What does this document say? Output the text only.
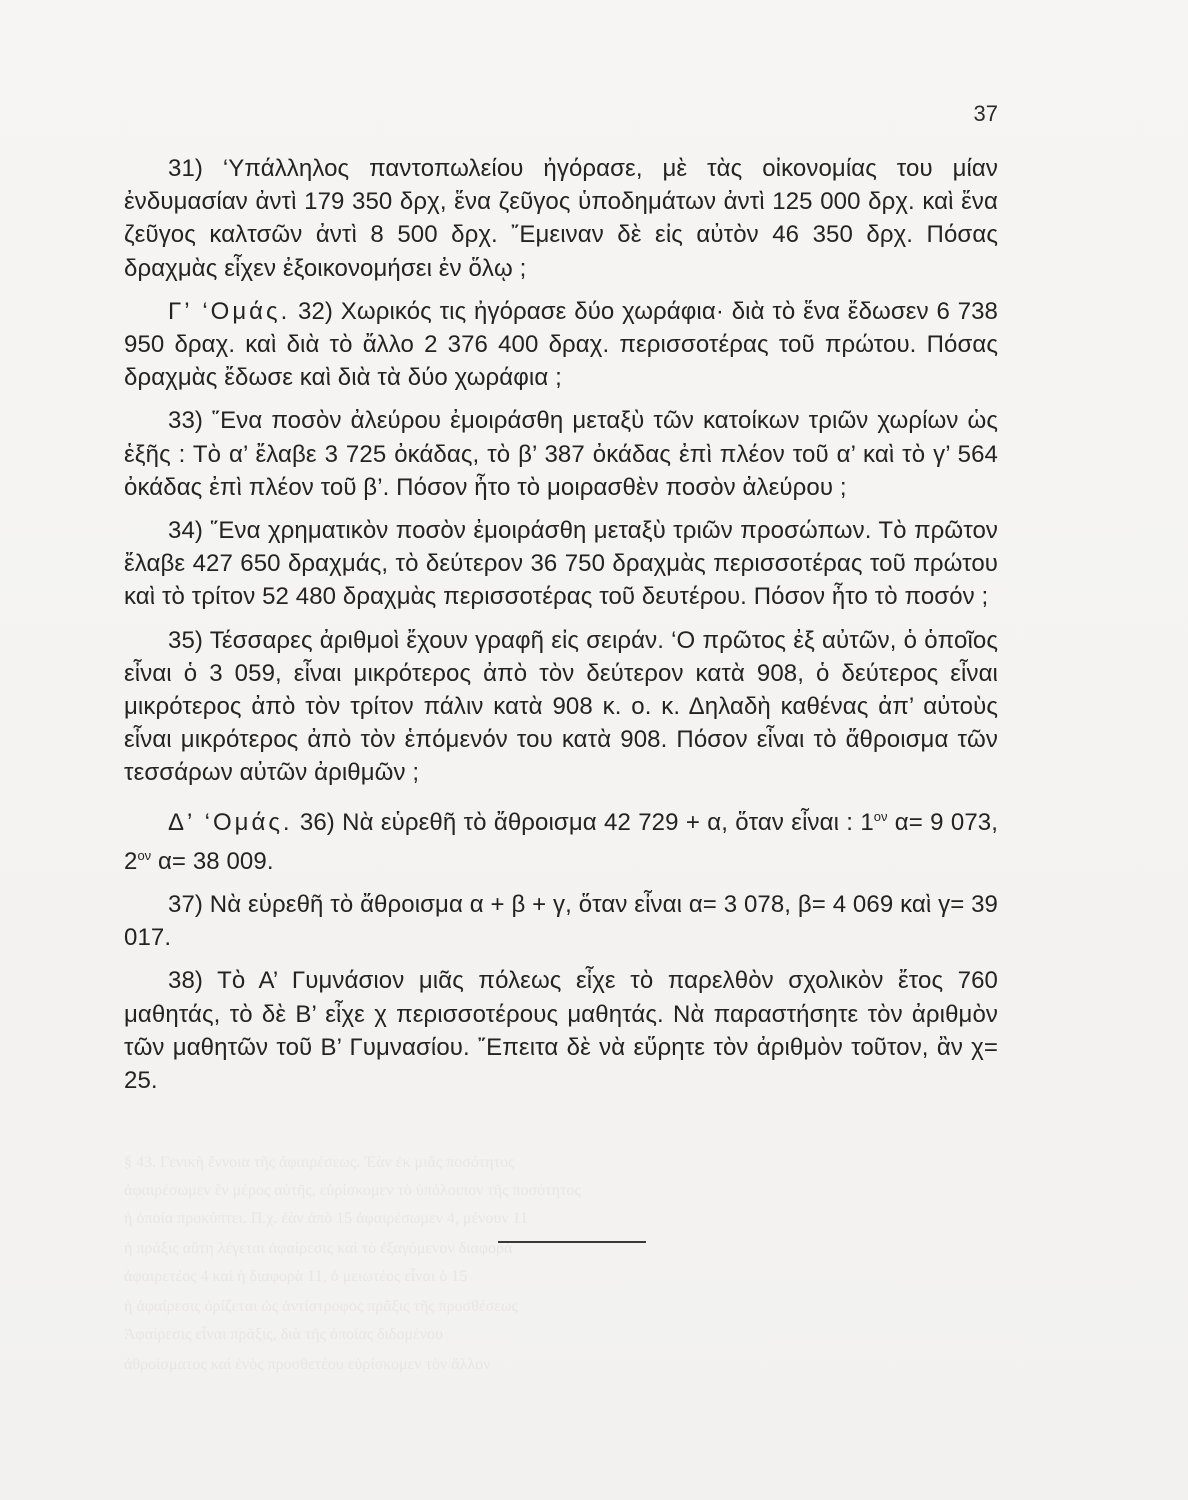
§ 43. Γενικὴ ἔννοια τῆς ἀφαιρέσεως. Ἐὰν ἐκ μιᾶς ποσότητος
ἀφαιρέσωμεν ἕν μέρος αὐτῆς, εὑρίσκομεν τὸ ὑπόλοιπον τῆς ποσότητος
ἡ ὁποία προκύπτει. Π.χ. ἐὰν ἀπὸ 15 ἀφαιρέσωμεν 4, μένουν 11
ἡ πράξις αὕτη λέγεται ἀφαίρεσις καὶ τὸ ἐξαγόμενον διαφορά
ἀφαιρετέος 4 καὶ ἡ διαφορὰ 11, ὁ μειωτέος εἶναι ὁ 15
ἡ ἀφαίρεσις ὁρίζεται ὡς ἀντίστροφος πρᾶξις τῆς προσθέσεως
Ἀφαίρεσις εἶναι πρᾶξις, διὰ τῆς ὁποίας διδομένου
ἀθροίσματος καὶ ἑνὸς προσθετέου εὑρίσκομεν τὸν ἄλλον
37

31) ‘Υπάλληλος παντοπωλείου ἠγόρασε, μὲ τὰς οἰκονομίας του μίαν ἐνδυμασίαν ἀντὶ 179 350 δρχ, ἕνα ζεῦγος ὑποδημάτων ἀντὶ 125 000 δρχ. καὶ ἕνα ζεῦγος καλτσῶν ἀντὶ 8 500 δρχ. ῎Εμειναν δὲ εἰς αὐτὸν 46 350 δρχ. Πόσας δραχμὰς εἶχεν ἐξοικονομήσει ἐν ὅλῳ ;

Γ’ ‘Ομάς. 32) Χωρικός τις ἠγόρασε δύο χωράφια· διὰ τὸ ἕνα ἔδωσεν 6 738 950 δραχ. καὶ διὰ τὸ ἄλλο 2 376 400 δραχ. περισσοτέρας τοῦ πρώτου. Πόσας δραχμὰς ἔδωσε καὶ διὰ τὰ δύο χωράφια ;

33) ῞Ενα ποσὸν ἀλεύρου ἐμοιράσθη μεταξὺ τῶν κατοίκων τριῶν χωρίων ὡς ἑξῆς : Τὸ α’ ἔλαβε 3 725 ὀκάδας, τὸ β’ 387 ὀκάδας ἐπὶ πλέον τοῦ α’ καὶ τὸ γ’ 564 ὀκάδας ἐπὶ πλέον τοῦ β’. Πόσον ἦτο τὸ μοιρασθὲν ποσὸν ἀλεύρου ;

34) ῞Ενα χρηματικὸν ποσὸν ἐμοιράσθη μεταξὺ τριῶν προσώπων. Τὸ πρῶτον ἔλαβε 427 650 δραχμάς, τὸ δεύτερον 36 750 δραχμὰς περισσοτέρας τοῦ πρώτου καὶ τὸ τρίτον 52 480 δραχμὰς περισσοτέρας τοῦ δευτέρου. Πόσον ἦτο τὸ ποσόν ;

35) Τέσσαρες ἀριθμοὶ ἔχουν γραφῆ εἰς σειράν. ‘Ο πρῶτος ἐξ αὐτῶν, ὁ ὁποῖος εἶναι ὁ 3 059, εἶναι μικρότερος ἀπὸ τὸν δεύτερον κατὰ 908, ὁ δεύτερος εἶναι μικρότερος ἀπὸ τὸν τρίτον πάλιν κατὰ 908 κ. ο. κ. Δηλαδὴ καθένας ἀπ’ αὐτοὺς εἶναι μικρότερος ἀπὸ τὸν ἑπόμενόν του κατὰ 908. Πόσον εἶναι τὸ ἄθροισμα τῶν τεσσάρων αὐτῶν ἀριθμῶν ;

Δ’ ‘Ομάς. 36) Νὰ εὑρεθῆ τὸ ἄθροισμα 42 729 + α, ὅταν εἶναι : $1^{o\nu}$ α= 9 073, $2^{o\nu}$ α= 38 009.

37) Νὰ εὑρεθῆ τὸ ἄθροισμα α + β + γ, ὅταν εἶναι α= 3 078, β= 4 069 καὶ γ= 39 017.

38) Τὸ Α’ Γυμνάσιον μιᾶς πόλεως εἶχε τὸ παρελθὸν σχολικὸν ἔτος 760 μαθητάς, τὸ δὲ Β’ εἶχε χ περισσοτέρους μαθητάς. Νὰ παραστήσητε τὸν ἀριθμὸν τῶν μαθητῶν τοῦ Β’ Γυμνασίου. ῎Επειτα δὲ νὰ εὕρητε τὸν ἀριθμὸν τοῦτον, ἂν χ= 25.
